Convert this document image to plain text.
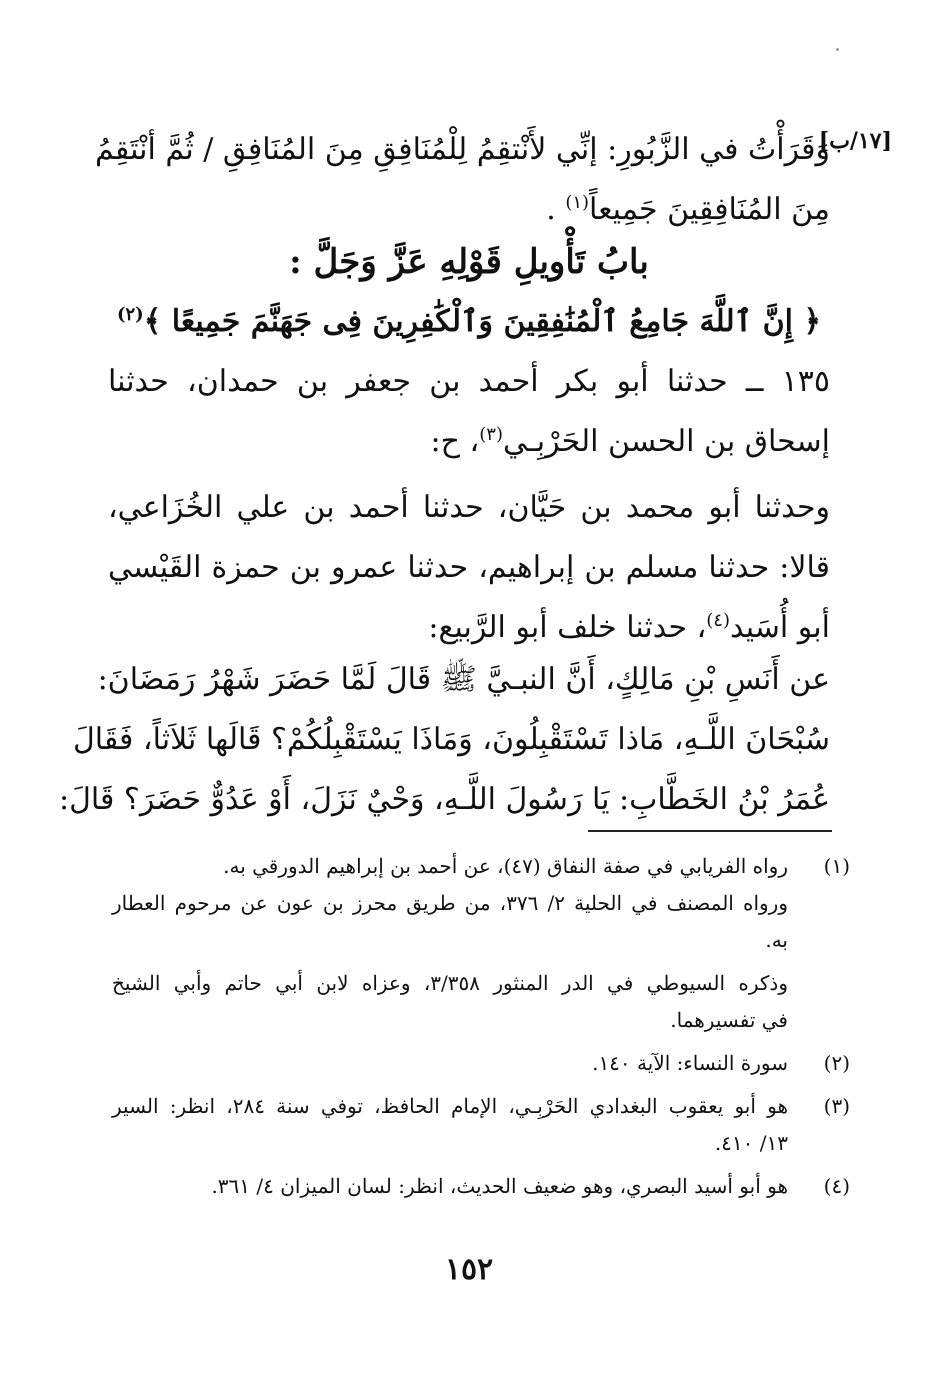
[١٧/ب]
وَقَرَأْتُ في الزَّبُورِ: إنِّي لأَنْتقِمُ لِلْمُنَافِقِ مِنَ المُنَافِقِ / ثُمَّ أنْتَقِمُ
مِنَ المُنَافِقِينَ جَمِيعاً$^{(١)}$ .
بابُ تَأْويلِ قَوْلِهِ عَزَّ وَجَلَّ :
﴿ إِنَّ ٱللَّهَ جَامِعُ ٱلْمُنَٰفِقِينَ وَٱلْكَٰفِرِينَ فِى جَهَنَّمَ جَمِيعًا ﴾$^{(٢)}$
١٣٥ ــ حدثنا أبو بكر أحمد بن جعفر بن حمدان، حدثنا
إسحاق بن الحسن الحَرْبِـي$^{(٣)}$، ح:
وحدثنا أبو محمد بن حَيَّان، حدثنا أحمد بن علي الخُزَاعي،
قالا: حدثنا مسلم بن إبراهيم، حدثنا عمرو بن حمزة القَيْسي
أبو أُسَيد$^{(٤)}$، حدثنا خلف أبو الرَّبيع:
عن أَنَسِ بْنِ مَالِكٍ، أَنَّ النبـيَّ ﷺ قَالَ لَمَّا حَضَرَ شَهْرُ رَمَضَانَ:
سُبْحَانَ اللَّـهِ، مَاذا تَسْتَقْبِلُونَ، وَمَاذَا يَسْتَقْبِلُكُمْ؟ قَالَها ثَلاَثاً، فَقَالَ
عُمَرُ بْنُ الخَطَّابِ: يَا رَسُولَ اللَّـهِ، وَحْيٌ نَزَلَ، أَوْ عَدُوٌّ حَضَرَ؟ قَالَ:
(١)
رواه الفريابي في صفة النفاق (٤٧)، عن أحمد بن إبراهيم الدورقي به.
ورواه المصنف في الحلية ٢/ ٣٧٦، من طريق محرز بن عون عن مرحوم العطار
به.
وذكره السيوطي في الدر المنثور ٣/٣٥٨، وعزاه لابن أبي حاتم وأبي الشيخ
في تفسيرهما.
(٢)
سورة النساء: الآية ١٤٠.
(٣)
هو أبو يعقوب البغدادي الحَرْبِـي، الإمام الحافظ، توفي سنة ٢٨٤، انظر: السير
١٣/ ٤١٠.
(٤)
هو أبو أسيد البصري، وهو ضعيف الحديث، انظر: لسان الميزان ٤/ ٣٦١.
١٥٢
